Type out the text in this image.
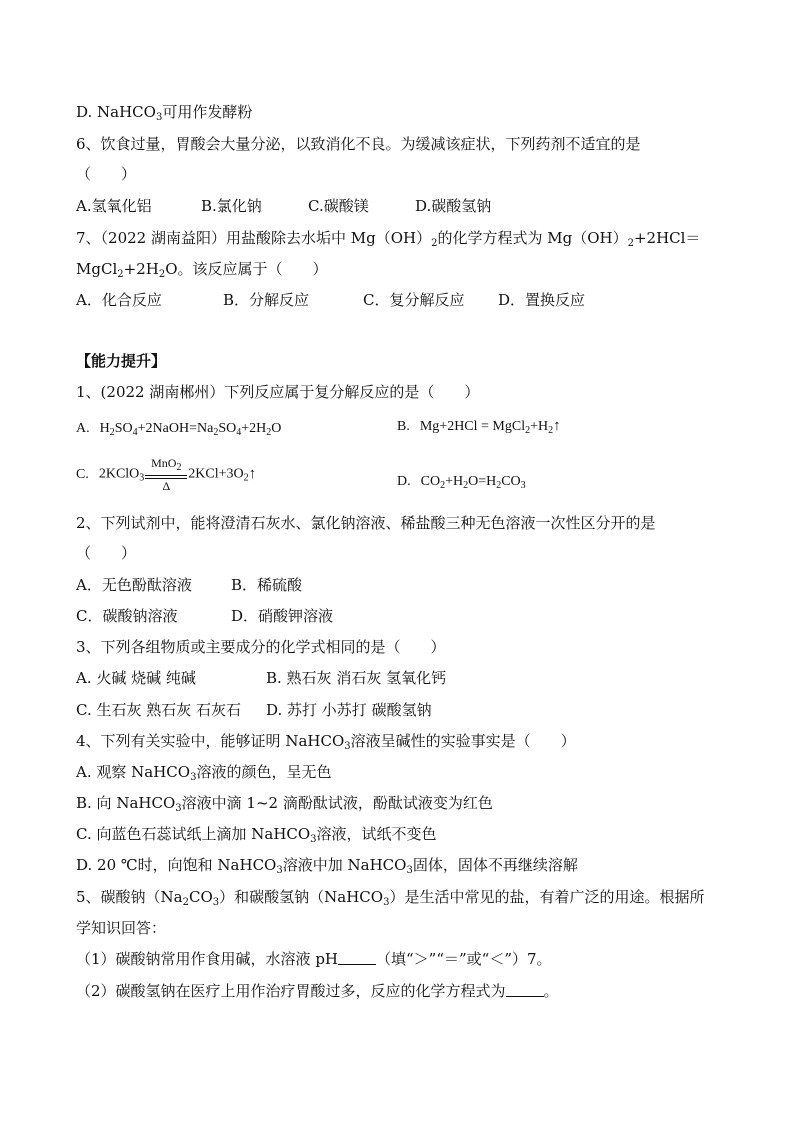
D. NaHCO$_3$可用作发酵粉
6、饮食过量，胃酸会大量分泌，以致消化不良。为缓减该症状，下列药剂不适宜的是
（　　）
A.氢氧化铝	B.氯化钠	C.碳酸镁	D.碳酸氢钠
7、（2022 湖南益阳）用盐酸除去水垢中 $Mg(OH)_2$的化学方程式为 $Mg(OH)_2+2HCl=$
$MgCl_2+2H_2O$。该反应属于（　　）
A．化合反应	B．分解反应	C．复分解反应 D．置换反应
【能力提升】
1、(2022 湖南郴州）下列反应属于复分解反应的是（　　）
A. $H_2SO_4+2NaOH=Na_2SO_4+2H_2O$	B. $Mg+2HCl = MgCl_2+H_2↑$
C. 2KClO$_3$ $\frac{MnO_2}{\Delta}$ $2KCl+3O_2↑$	D. $CO_2+H_2O=H_2CO_3$
2、下列试剂中，能将澄清石灰水、氯化钠溶液、稀盐酸三种无色溶液一次性区分开的是
（　　）
A．无色酚酞溶液	B．稀硫酸
C．碳酸钠溶液	D．硝酸钾溶液
3、下列各组物质或主要成分的化学式相同的是（　　）
A. 火碱 烧碱 纯碱	B. 熟石灰 消石灰 氢氧化钙
C. 生石灰 熟石灰 石灰石 D. 苏打 小苏打 碳酸氢钠
4、下列有关实验中，能够证明 NaHCO$_3$溶液呈碱性的实验事实是（　　）
A. 观察 NaHCO$_3$溶液的颜色，呈无色
B. 向 NaHCO$_3$溶液中滴 1~2 滴酚酞试液，酚酞试液变为红色
C. 向蓝色石蕊试纸上滴加 NaHCO$_3$溶液，试纸不变色
D. 20 ℃时，向饱和 NaHCO$_3$溶液中加 NaHCO$_3$固体，固体不再继续溶解
5、碳酸钠$(Na_2CO_3)$和碳酸氢钠（NaHCO$_3$）是生活中常见的盐，有着广泛的用途。根据所
学知识回答：
（1）碳酸钠常用作食用碱，水溶液 pH	（填“＞”“＝”或“＜”）7。
（2）碳酸氢钠在医疗上用作治疗胃酸过多，反应的化学方程式为	。
